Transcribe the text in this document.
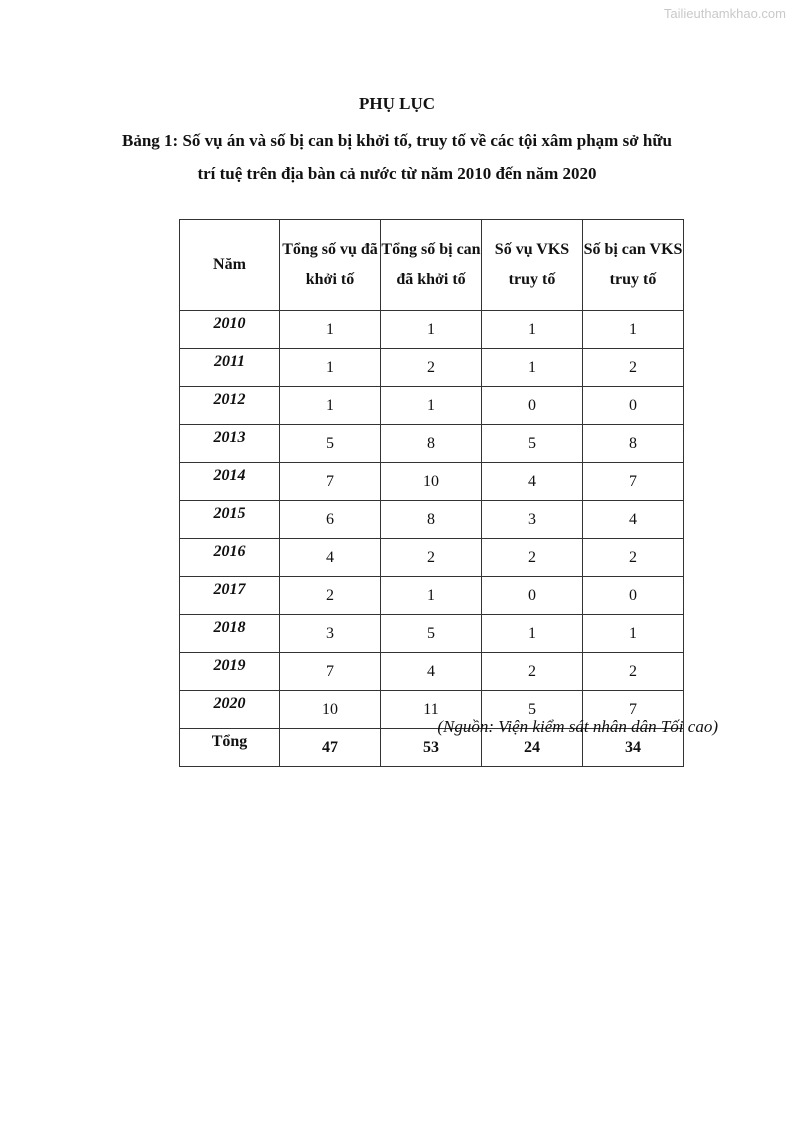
Tailieuthamkhao.com
PHỤ LỤC
Bảng 1: Số vụ án và số bị can bị khởi tố, truy tố về các tội xâm phạm sở hữu trí tuệ trên địa bàn cả nước từ năm 2010 đến năm 2020
Năm	Tổng số vụ đã khởi tố	Tổng số bị can đã khởi tố	Số vụ VKS truy tố	Số bị can VKS truy tố
2010	1	1	1	1
2011	1	2	1	2
2012	1	1	0	0
2013	5	8	5	8
2014	7	10	4	7
2015	6	8	3	4
2016	4	2	2	2
2017	2	1	0	0
2018	3	5	1	1
2019	7	4	2	2
2020	10	11	5	7
Tổng	47	53	24	34
(Nguồn: Viện kiểm sát nhân dân Tối cao)
